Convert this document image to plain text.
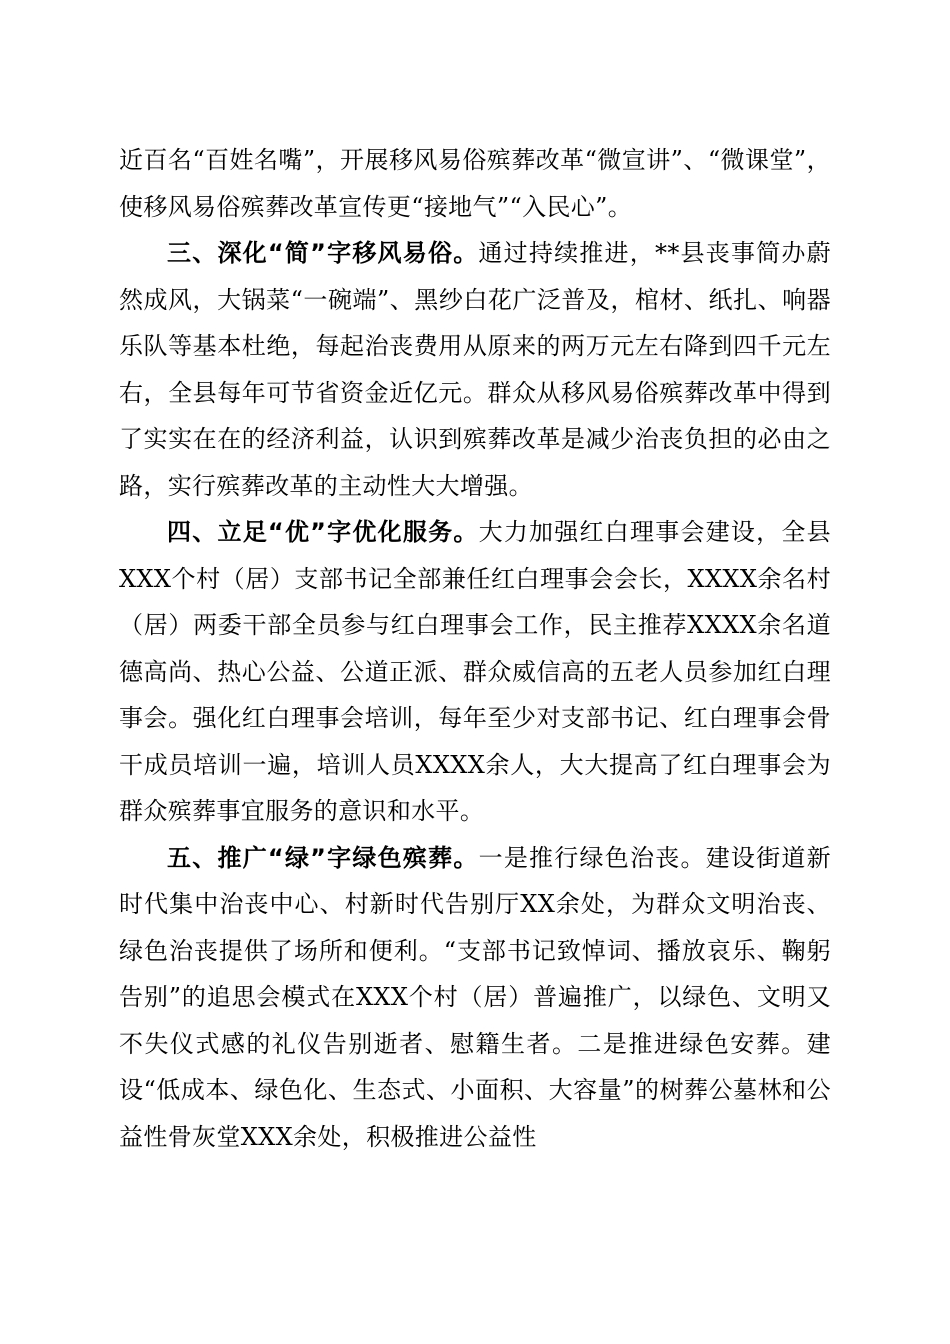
近百名“百姓名嘴”，开展移风易俗殡葬改革“微宣讲”、“微课堂”，使移风易俗殡葬改革宣传更“接地气”“入民心”。

三、深化“简”字移风易俗。通过持续推进，**县丧事简办蔚然成风，大锅菜“一碗端”、黑纱白花广泛普及，棺材、纸扎、响器乐队等基本杜绝，每起治丧费用从原来的两万元左右降到四千元左右，全县每年可节省资金近亿元。群众从移风易俗殡葬改革中得到了实实在在的经济利益，认识到殡葬改革是减少治丧负担的必由之路，实行殡葬改革的主动性大大增强。

四、立足“优”字优化服务。大力加强红白理事会建设，全县XXX个村（居）支部书记全部兼任红白理事会会长，XXXX余名村（居）两委干部全员参与红白理事会工作，民主推荐XXXX余名道德高尚、热心公益、公道正派、群众威信高的五老人员参加红白理事会。强化红白理事会培训，每年至少对支部书记、红白理事会骨干成员培训一遍，培训人员XXXX余人，大大提高了红白理事会为群众殡葬事宜服务的意识和水平。

五、推广“绿”字绿色殡葬。一是推行绿色治丧。建设街道新时代集中治丧中心、村新时代告别厅XX余处，为群众文明治丧、绿色治丧提供了场所和便利。“支部书记致悼词、播放哀乐、鞠躬告别”的追思会模式在XXX个村（居）普遍推广，以绿色、文明又不失仪式感的礼仪告别逝者、慰籍生者。二是推进绿色安葬。建设“低成本、绿色化、生态式、小面积、大容量”的树葬公墓林和公益性骨灰堂XXX余处，积极推进公益性
